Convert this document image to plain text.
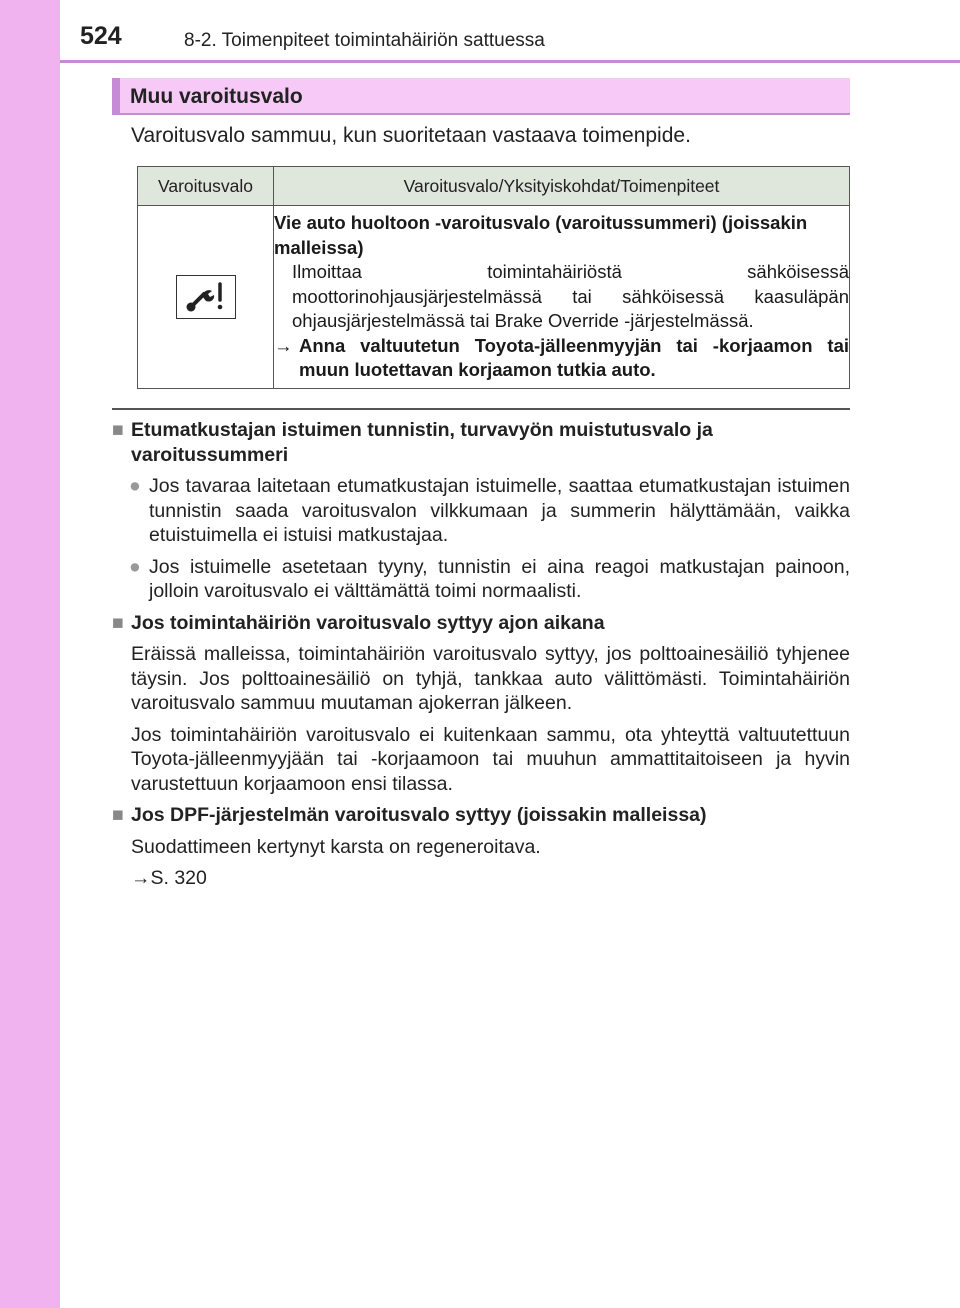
524	8-2. Toimenpiteet toimintahäiriön sattuessa
Muu varoitusvalo
Varoitusvalo sammuu, kun suoritetaan vastaava toimenpide.
Varoitusvalo	Varoitusvalo/Yksityiskohdat/Toimenpiteet

Vie auto huoltoon -varoitusvalo (varoitussummeri) (joissakin malleissa)
Ilmoittaa toimintahäiriöstä sähköisessä moottorinohjausjärjestelmässä tai sähköisessä kaasuläpän ohjausjärjestelmässä tai Brake Override -järjestelmässä.
→ Anna valtuutetun Toyota-jälleenmyyjän tai -korjaamon tai muun luotettavan korjaamon tutkia auto.
■ Etumatkustajan istuimen tunnistin, turvavyön muistutusvalo ja varoitussummeri
● Jos tavaraa laitetaan etumatkustajan istuimelle, saattaa etumatkustajan istuimen tunnistin saada varoitusvalon vilkkumaan ja summerin hälyttämään, vaikka etuistuimella ei istuisi matkustajaa.
● Jos istuimelle asetetaan tyyny, tunnistin ei aina reagoi matkustajan painoon, jolloin varoitusvalo ei välttämättä toimi normaalisti.
■ Jos toimintahäiriön varoitusvalo syttyy ajon aikana
Eräissä malleissa, toimintahäiriön varoitusvalo syttyy, jos polttoainesäiliö tyhjenee täysin. Jos polttoainesäiliö on tyhjä, tankkaa auto välittömästi. Toimintahäiriön varoitusvalo sammuu muutaman ajokerran jälkeen.
Jos toimintahäiriön varoitusvalo ei kuitenkaan sammu, ota yhteyttä valtuutettuun Toyota-jälleenmyyjään tai -korjaamoon tai muuhun ammattitaitoiseen ja hyvin varustettuun korjaamoon ensi tilassa.
■ Jos DPF-järjestelmän varoitusvalo syttyy (joissakin malleissa)
Suodattimeen kertynyt karsta on regeneroitava.
→S. 320
